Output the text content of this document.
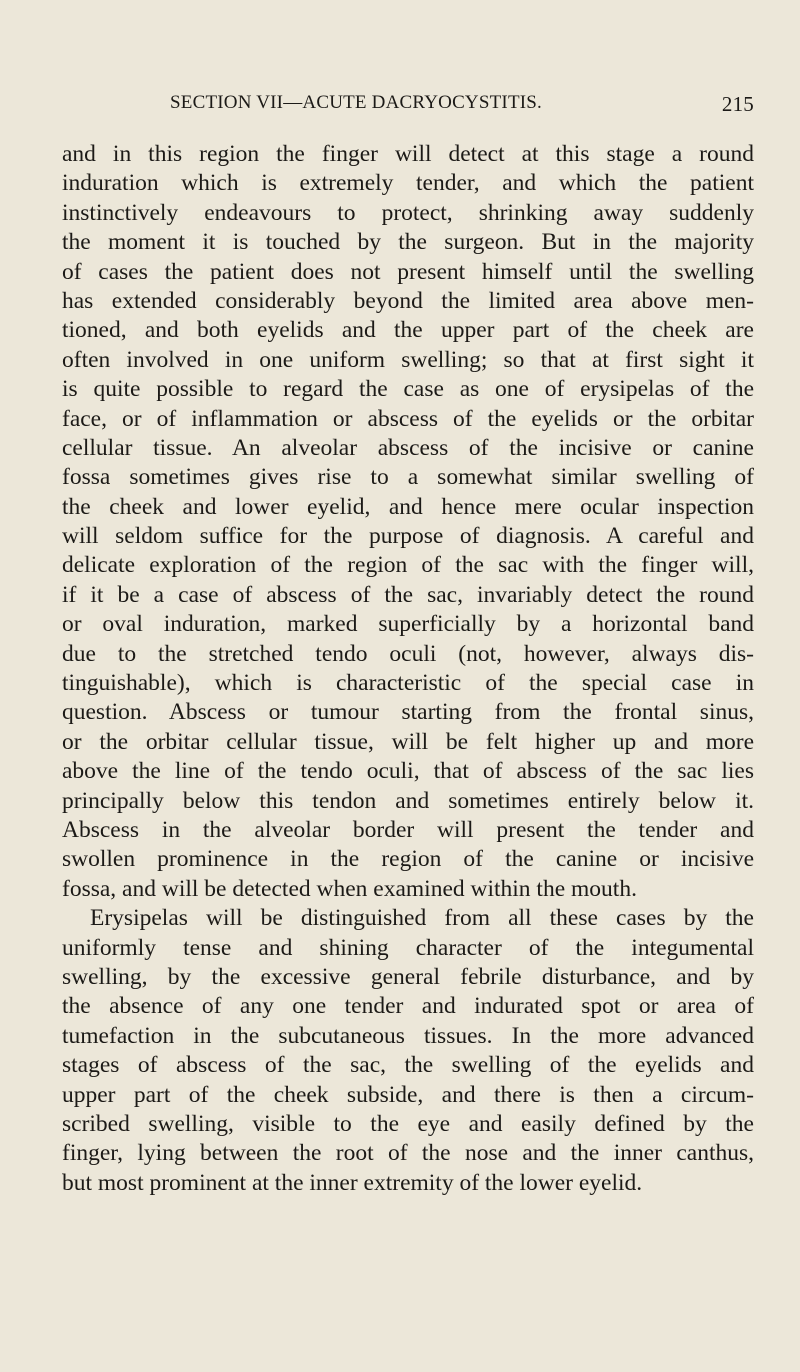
SECTION VII—ACUTE DACRYOCYSTITIS.	215
and in this region the finger will detect at this stage a round
induration which is extremely tender, and which the patient
instinctively endeavours to protect, shrinking away suddenly
the moment it is touched by the surgeon. But in the majority
of cases the patient does not present himself until the swelling
has extended considerably beyond the limited area above men-
tioned, and both eyelids and the upper part of the cheek are
often involved in one uniform swelling; so that at first sight it
is quite possible to regard the case as one of erysipelas of the
face, or of inflammation or abscess of the eyelids or the orbitar
cellular tissue. An alveolar abscess of the incisive or canine
fossa sometimes gives rise to a somewhat similar swelling of
the cheek and lower eyelid, and hence mere ocular inspection
will seldom suffice for the purpose of diagnosis. A careful and
delicate exploration of the region of the sac with the finger will,
if it be a case of abscess of the sac, invariably detect the round
or oval induration, marked superficially by a horizontal band
due to the stretched tendo oculi (not, however, always dis-
tinguishable), which is characteristic of the special case in
question. Abscess or tumour starting from the frontal sinus,
or the orbitar cellular tissue, will be felt higher up and more
above the line of the tendo oculi, that of abscess of the sac lies
principally below this tendon and sometimes entirely below it.
Abscess in the alveolar border will present the tender and
swollen prominence in the region of the canine or incisive
fossa, and will be detected when examined within the mouth.
Erysipelas will be distinguished from all these cases by the
uniformly tense and shining character of the integumental
swelling, by the excessive general febrile disturbance, and by
the absence of any one tender and indurated spot or area of
tumefaction in the subcutaneous tissues. In the more advanced
stages of abscess of the sac, the swelling of the eyelids and
upper part of the cheek subside, and there is then a circum-
scribed swelling, visible to the eye and easily defined by the
finger, lying between the root of the nose and the inner canthus,
but most prominent at the inner extremity of the lower eyelid.
